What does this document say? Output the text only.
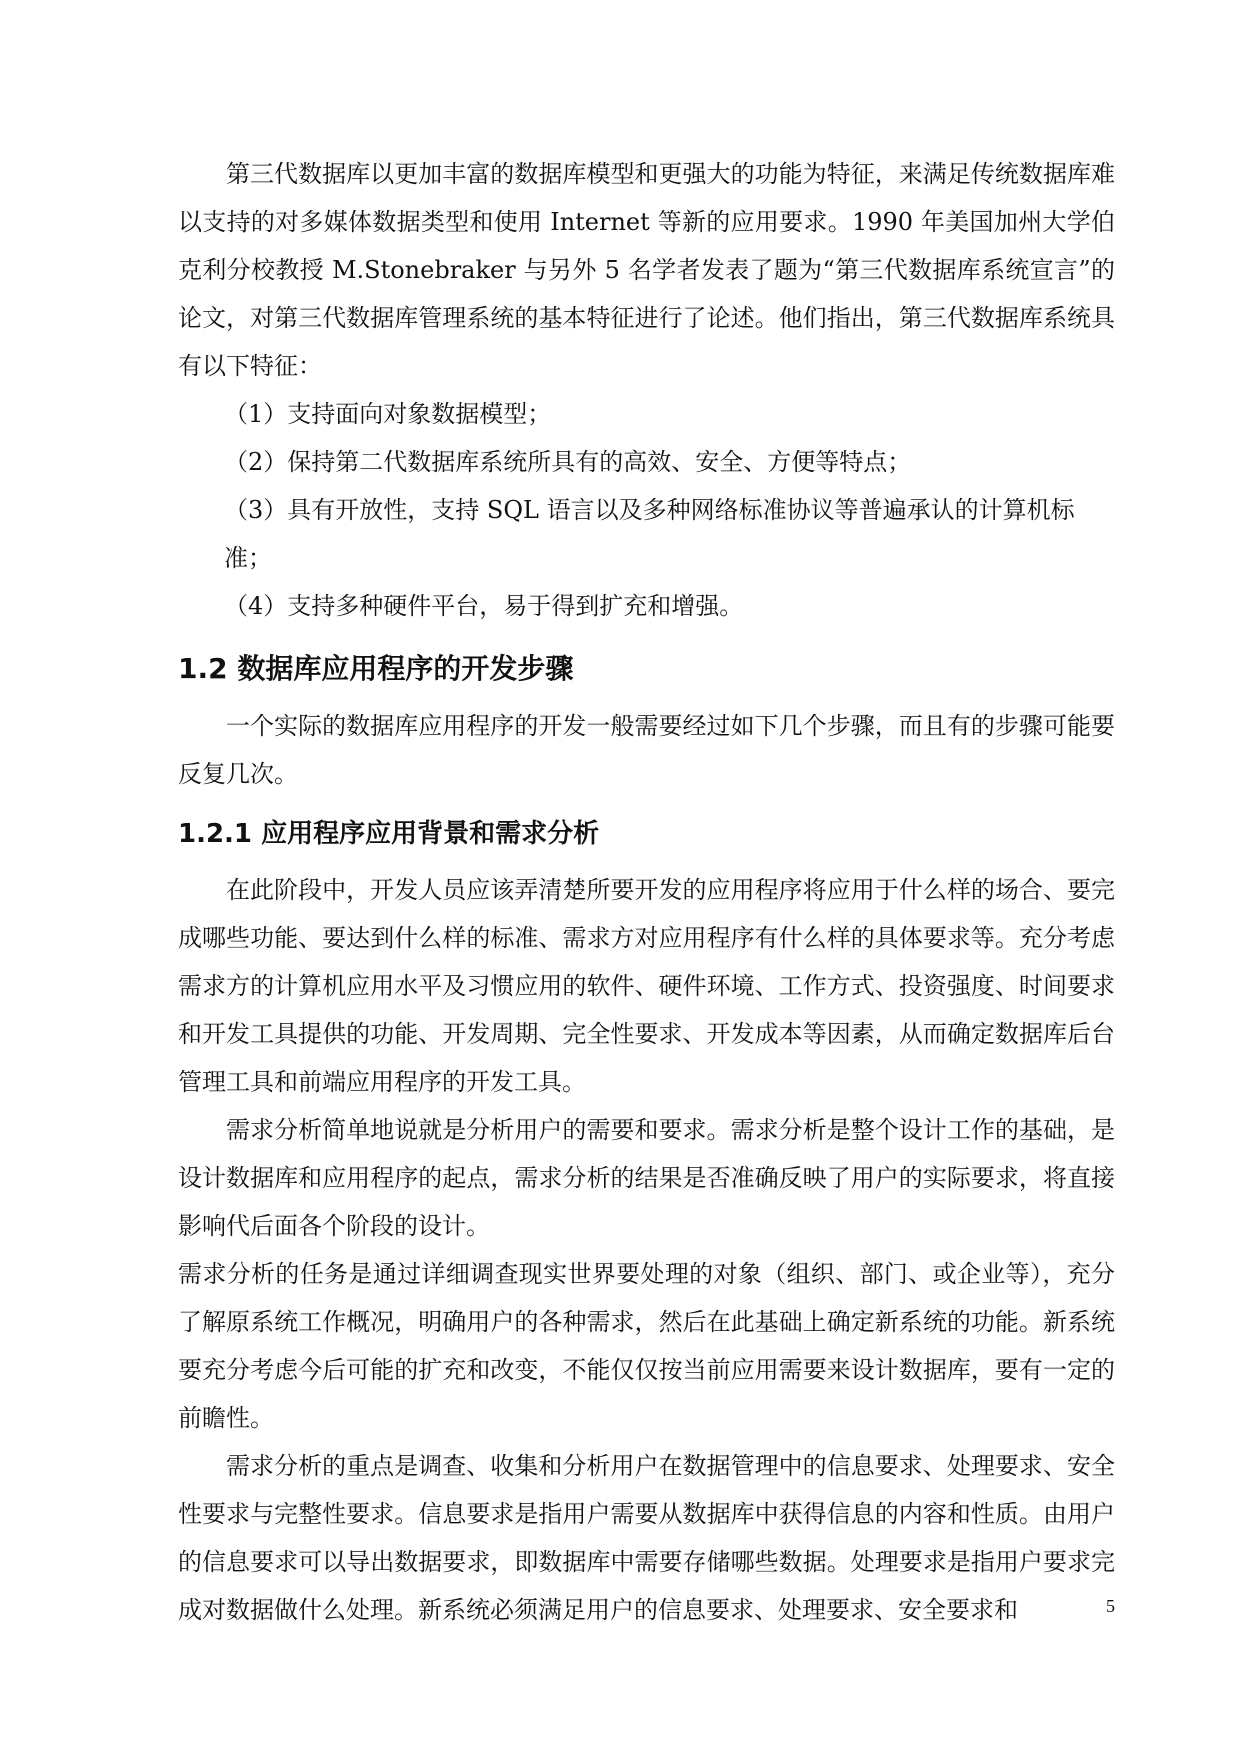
第三代数据库以更加丰富的数据库模型和更强大的功能为特征，来满足传统数据库难以支持的对多媒体数据类型和使用 Internet 等新的应用要求。1990 年美国加州大学伯克利分校教授 M.Stonebraker 与另外 5 名学者发表了题为“第三代数据库系统宣言”的论文，对第三代数据库管理系统的基本特征进行了论述。他们指出，第三代数据库系统具有以下特征：

（1）支持面向对象数据模型；

（2）保持第二代数据库系统所具有的高效、安全、方便等特点；

（3）具有开放性，支持 SQL 语言以及多种网络标准协议等普遍承认的计算机标准；

（4）支持多种硬件平台，易于得到扩充和增强。

1.2 数据库应用程序的开发步骤

一个实际的数据库应用程序的开发一般需要经过如下几个步骤，而且有的步骤可能要反复几次。

1.2.1 应用程序应用背景和需求分析

在此阶段中，开发人员应该弄清楚所要开发的应用程序将应用于什么样的场合、要完成哪些功能、要达到什么样的标准、需求方对应用程序有什么样的具体要求等。充分考虑需求方的计算机应用水平及习惯应用的软件、硬件环境、工作方式、投资强度、时间要求和开发工具提供的功能、开发周期、完全性要求、开发成本等因素，从而确定数据库后台管理工具和前端应用程序的开发工具。

需求分析简单地说就是分析用户的需要和要求。需求分析是整个设计工作的基础，是设计数据库和应用程序的起点，需求分析的结果是否准确反映了用户的实际要求，将直接影响代后面各个阶段的设计。

需求分析的任务是通过详细调查现实世界要处理的对象（组织、部门、或企业等），充分了解原系统工作概况，明确用户的各种需求，然后在此基础上确定新系统的功能。新系统要充分考虑今后可能的扩充和改变，不能仅仅按当前应用需要来设计数据库，要有一定的前瞻性。

需求分析的重点是调查、收集和分析用户在数据管理中的信息要求、处理要求、安全性要求与完整性要求。信息要求是指用户需要从数据库中获得信息的内容和性质。由用户的信息要求可以导出数据要求，即数据库中需要存储哪些数据。处理要求是指用户要求完成对数据做什么处理。新系统必须满足用户的信息要求、处理要求、安全要求和	5
